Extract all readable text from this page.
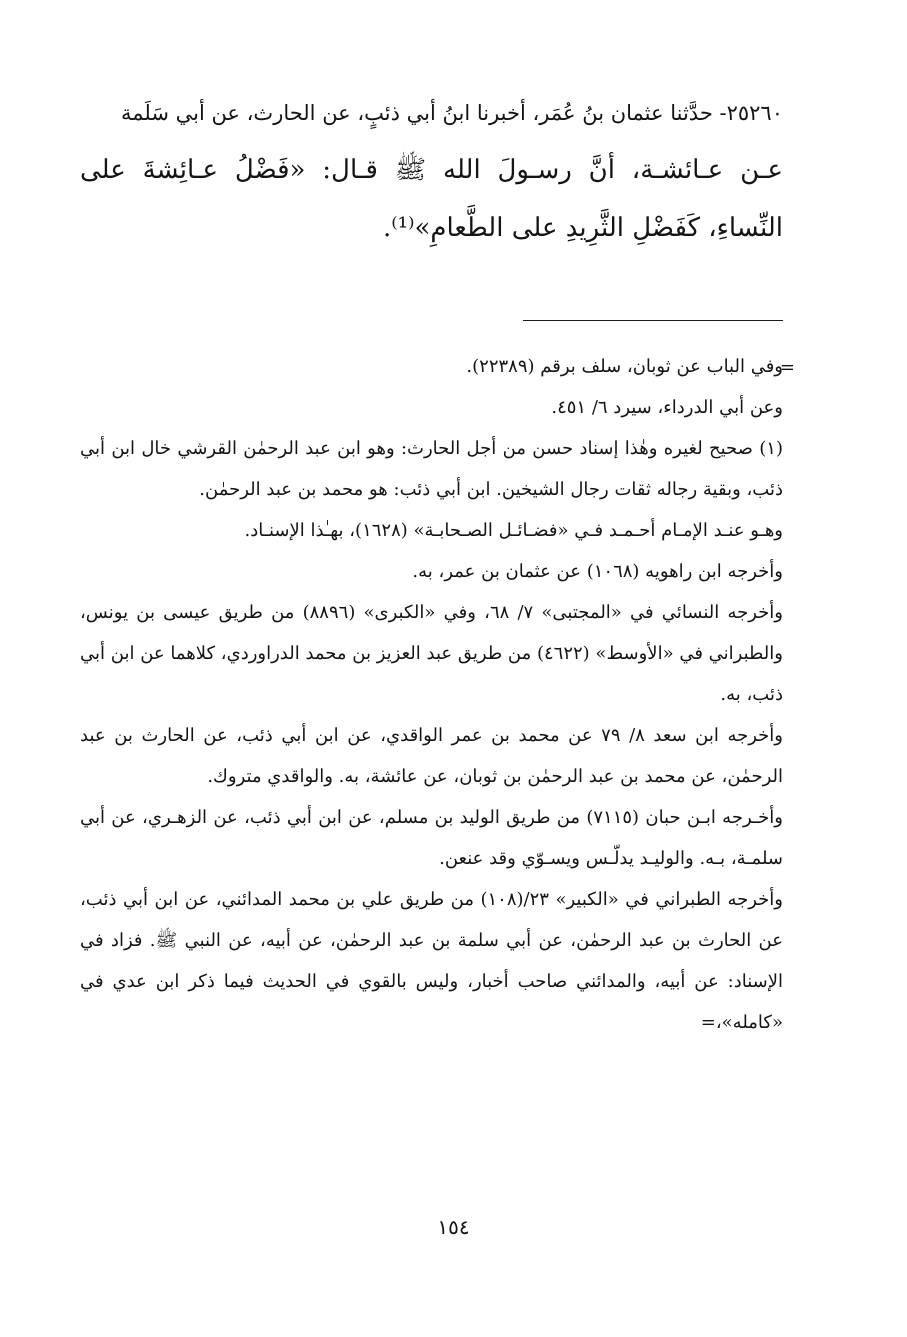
٢٥٢٦٠- حدَّثنا عثمان بنُ عُمَر، أخبرنا ابنُ أبي ذئبٍ، عن الحارث، عن أبي سَلَمة

عـن عـائشـة، أنَّ رسـولَ الله ﷺ قـال: «فَضْلُ عـائِشةَ على النِّساءِ، كَفَضْلِ الثَّرِيدِ على الطَّعامِ»⁽¹⁾.

=

وفي الباب عن ثوبان، سلف برقم (٢٢٣٨٩).

وعن أبي الدرداء، سيرد ٦/ ٤٥١.

(١) صحيح لغيره وهٰذا إسناد حسن من أجل الحارث: وهو ابن عبد الرحمٰن القرشي خال ابن أبي ذئب، وبقية رجاله ثقات رجال الشيخين. ابن أبي ذئب: هو محمد بن عبد الرحمٰن.

وهـو عنـد الإمـام أحـمـد فـي «فضـائـل الصـحابـة» (١٦٢٨)، بهـٰذا الإسنـاد.

وأخرجه ابن راهويه (١٠٦٨) عن عثمان بن عمر، به.

وأخرجه النسائي في «المجتبى» ٧/ ٦٨، وفي «الكبرى» (٨٨٩٦) من طريق عيسى بن يونس، والطبراني في «الأوسط» (٤٦٢٢) من طريق عبد العزيز بن محمد الدراوردي، كلاهما عن ابن أبي ذئب، به.

وأخرجه ابن سعد ٨/ ٧٩ عن محمد بن عمر الواقدي، عن ابن أبي ذئب، عن الحارث بن عبد الرحمٰن، عن محمد بن عبد الرحمٰن بن ثوبان، عن عائشة، به. والواقدي متروك.

وأخـرجه ابـن حبان (٧١١٥) من طريق الوليد بن مسلم، عن ابن أبي ذئب، عن الزهـري، عن أبي سلمـة، بـه. والوليـد يدلّـس ويسـوّي وقد عنعن.

وأخرجه الطبراني في «الكبير» ٢٣/(١٠٨) من طريق علي بن محمد المدائني، عن ابن أبي ذئب، عن الحارث بن عبد الرحمٰن، عن أبي سلمة بن عبد الرحمٰن، عن أبيه، عن النبي ﷺ. فزاد في الإسناد: عن أبيه، والمدائني صاحب أخبار، وليس بالقوي في الحديث فيما ذكر ابن عدي في «كامله»،=

١٥٤
